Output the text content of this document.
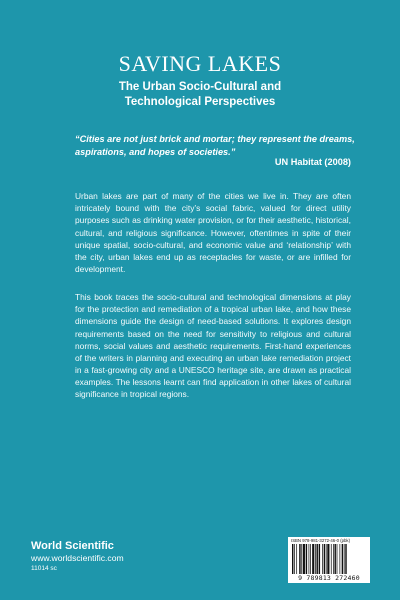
SAVING LAKES
The Urban Socio-Cultural and
Technological Perspectives
“Cities are not just brick and mortar; they represent the dreams, aspirations, and hopes of societies.”
UN Habitat (2008)

Urban lakes are part of many of the cities we live in. They are often intricately bound with the city’s social fabric, valued for direct utility purposes such as drinking water provision, or for their aesthetic, historical, cultural, and religious significance. However, oftentimes in spite of their unique spatial, socio-cultural, and economic value and ‘relationship’ with the city, urban lakes end up as receptacles for waste, or are infilled for development.

This book traces the socio-cultural and technological dimensions at play for the protection and remediation of a tropical urban lake, and how these dimensions guide the design of need-based solutions. It explores design requirements based on the need for sensitivity to religious and cultural norms, social values and aesthetic requirements. First-hand experiences of the writers in planning and executing an urban lake remediation project in a fast-growing city and a UNESCO heritage site, are drawn as practical examples. The lessons learnt can find application in other lakes of cultural significance in tropical regions.

World Scientific
www.worldscientific.com
11014 sc
ISBN 978-981-3272-46-0 (pbk)
9 789813 272460
